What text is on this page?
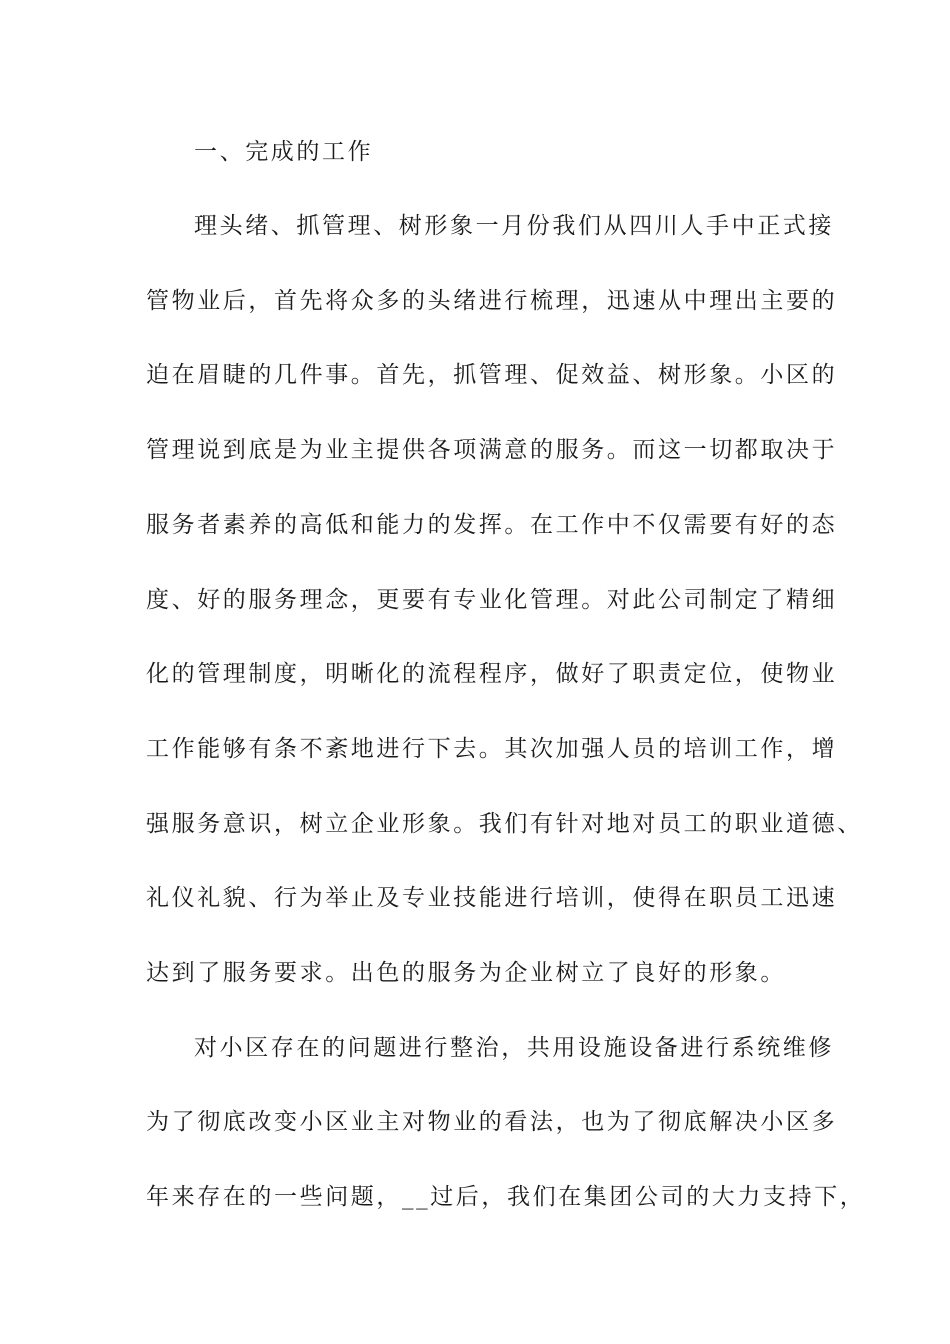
一、完成的工作
理头绪、抓管理、树形象一月份我们从四川人手中正式接
管物业后，首先将众多的头绪进行梳理，迅速从中理出主要的
迫在眉睫的几件事。首先，抓管理、促效益、树形象。小区的
管理说到底是为业主提供各项满意的服务。而这一切都取决于
服务者素养的高低和能力的发挥。在工作中不仅需要有好的态
度、好的服务理念，更要有专业化管理。对此公司制定了精细
化的管理制度，明晰化的流程程序，做好了职责定位，使物业
工作能够有条不紊地进行下去。其次加强人员的培训工作，增
强服务意识，树立企业形象。我们有针对地对员工的职业道德、
礼仪礼貌、行为举止及专业技能进行培训，使得在职员工迅速
达到了服务要求。出色的服务为企业树立了良好的形象。
对小区存在的问题进行整治，共用设施设备进行系统维修
为了彻底改变小区业主对物业的看法，也为了彻底解决小区多
年来存在的一些问题，__过后，我们在集团公司的大力支持下，
